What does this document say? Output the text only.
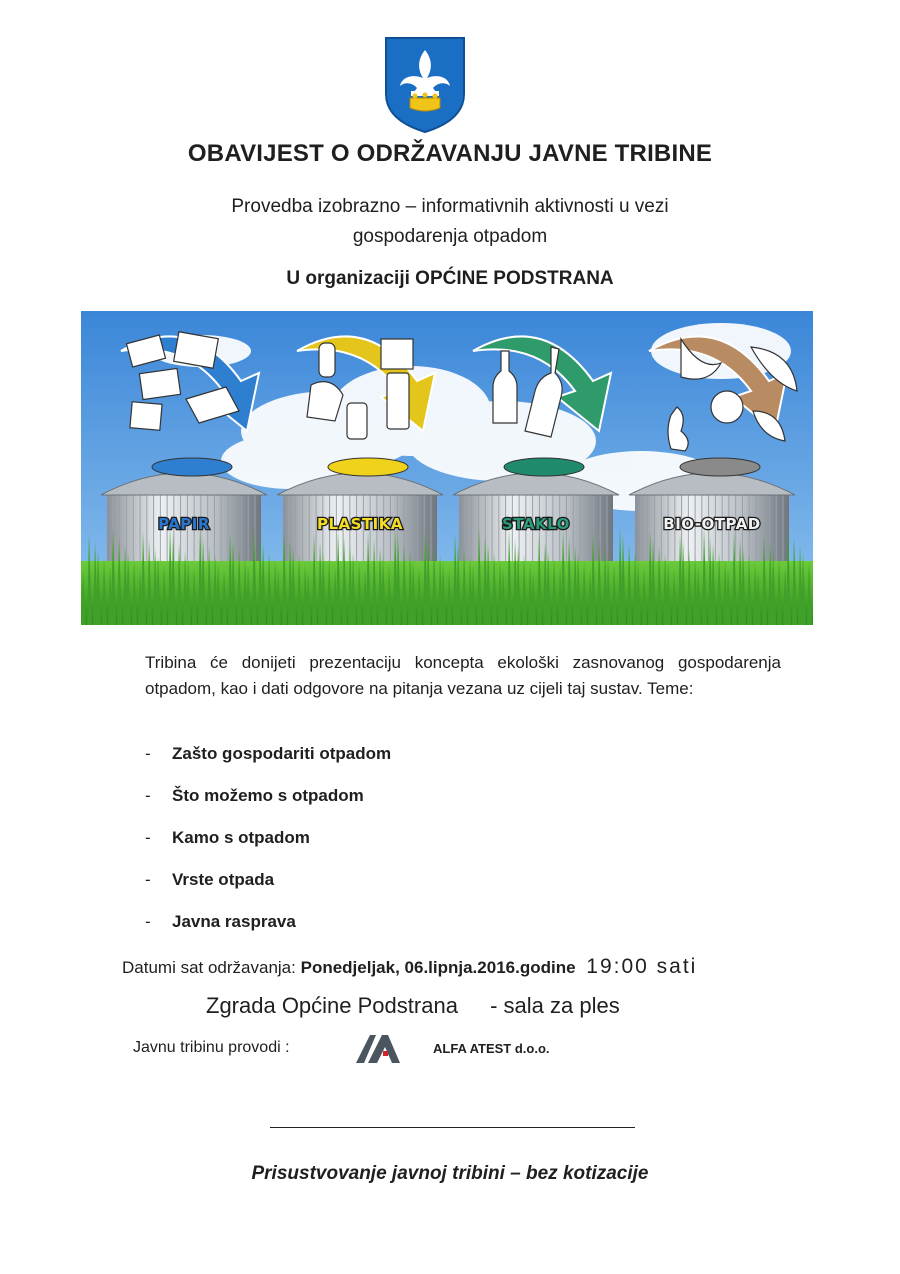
OBAVIJEST O ODRŽAVANJU JAVNE TRIBINE
Provedba izobrazno – informativnih aktivnosti u vezi
gospodarenja otpadom
U organizaciji OPĆINE PODSTRANA
PAPIR	PLASTIKA	STAKLO	BIO-OTPAD
Tribina će donijeti prezentaciju koncepta ekološki zasnovanog gospodarenja otpadom, kao i dati odgovore na pitanja vezana uz cijeli taj sustav. Teme:
- Zašto gospodariti otpadom
- Što možemo s otpadom
- Kamo s otpadom
- Vrste otpada
- Javna rasprava
Datumi sat održavanja: Ponedjeljak, 06.lipnja.2016.godine 19:00 sati
Zgrada Općine Podstrana - sala za ples
Javnu tribinu provodi :	ALFA ATEST d.o.o.
Prisustvovanje javnoj tribini – bez kotizacije
